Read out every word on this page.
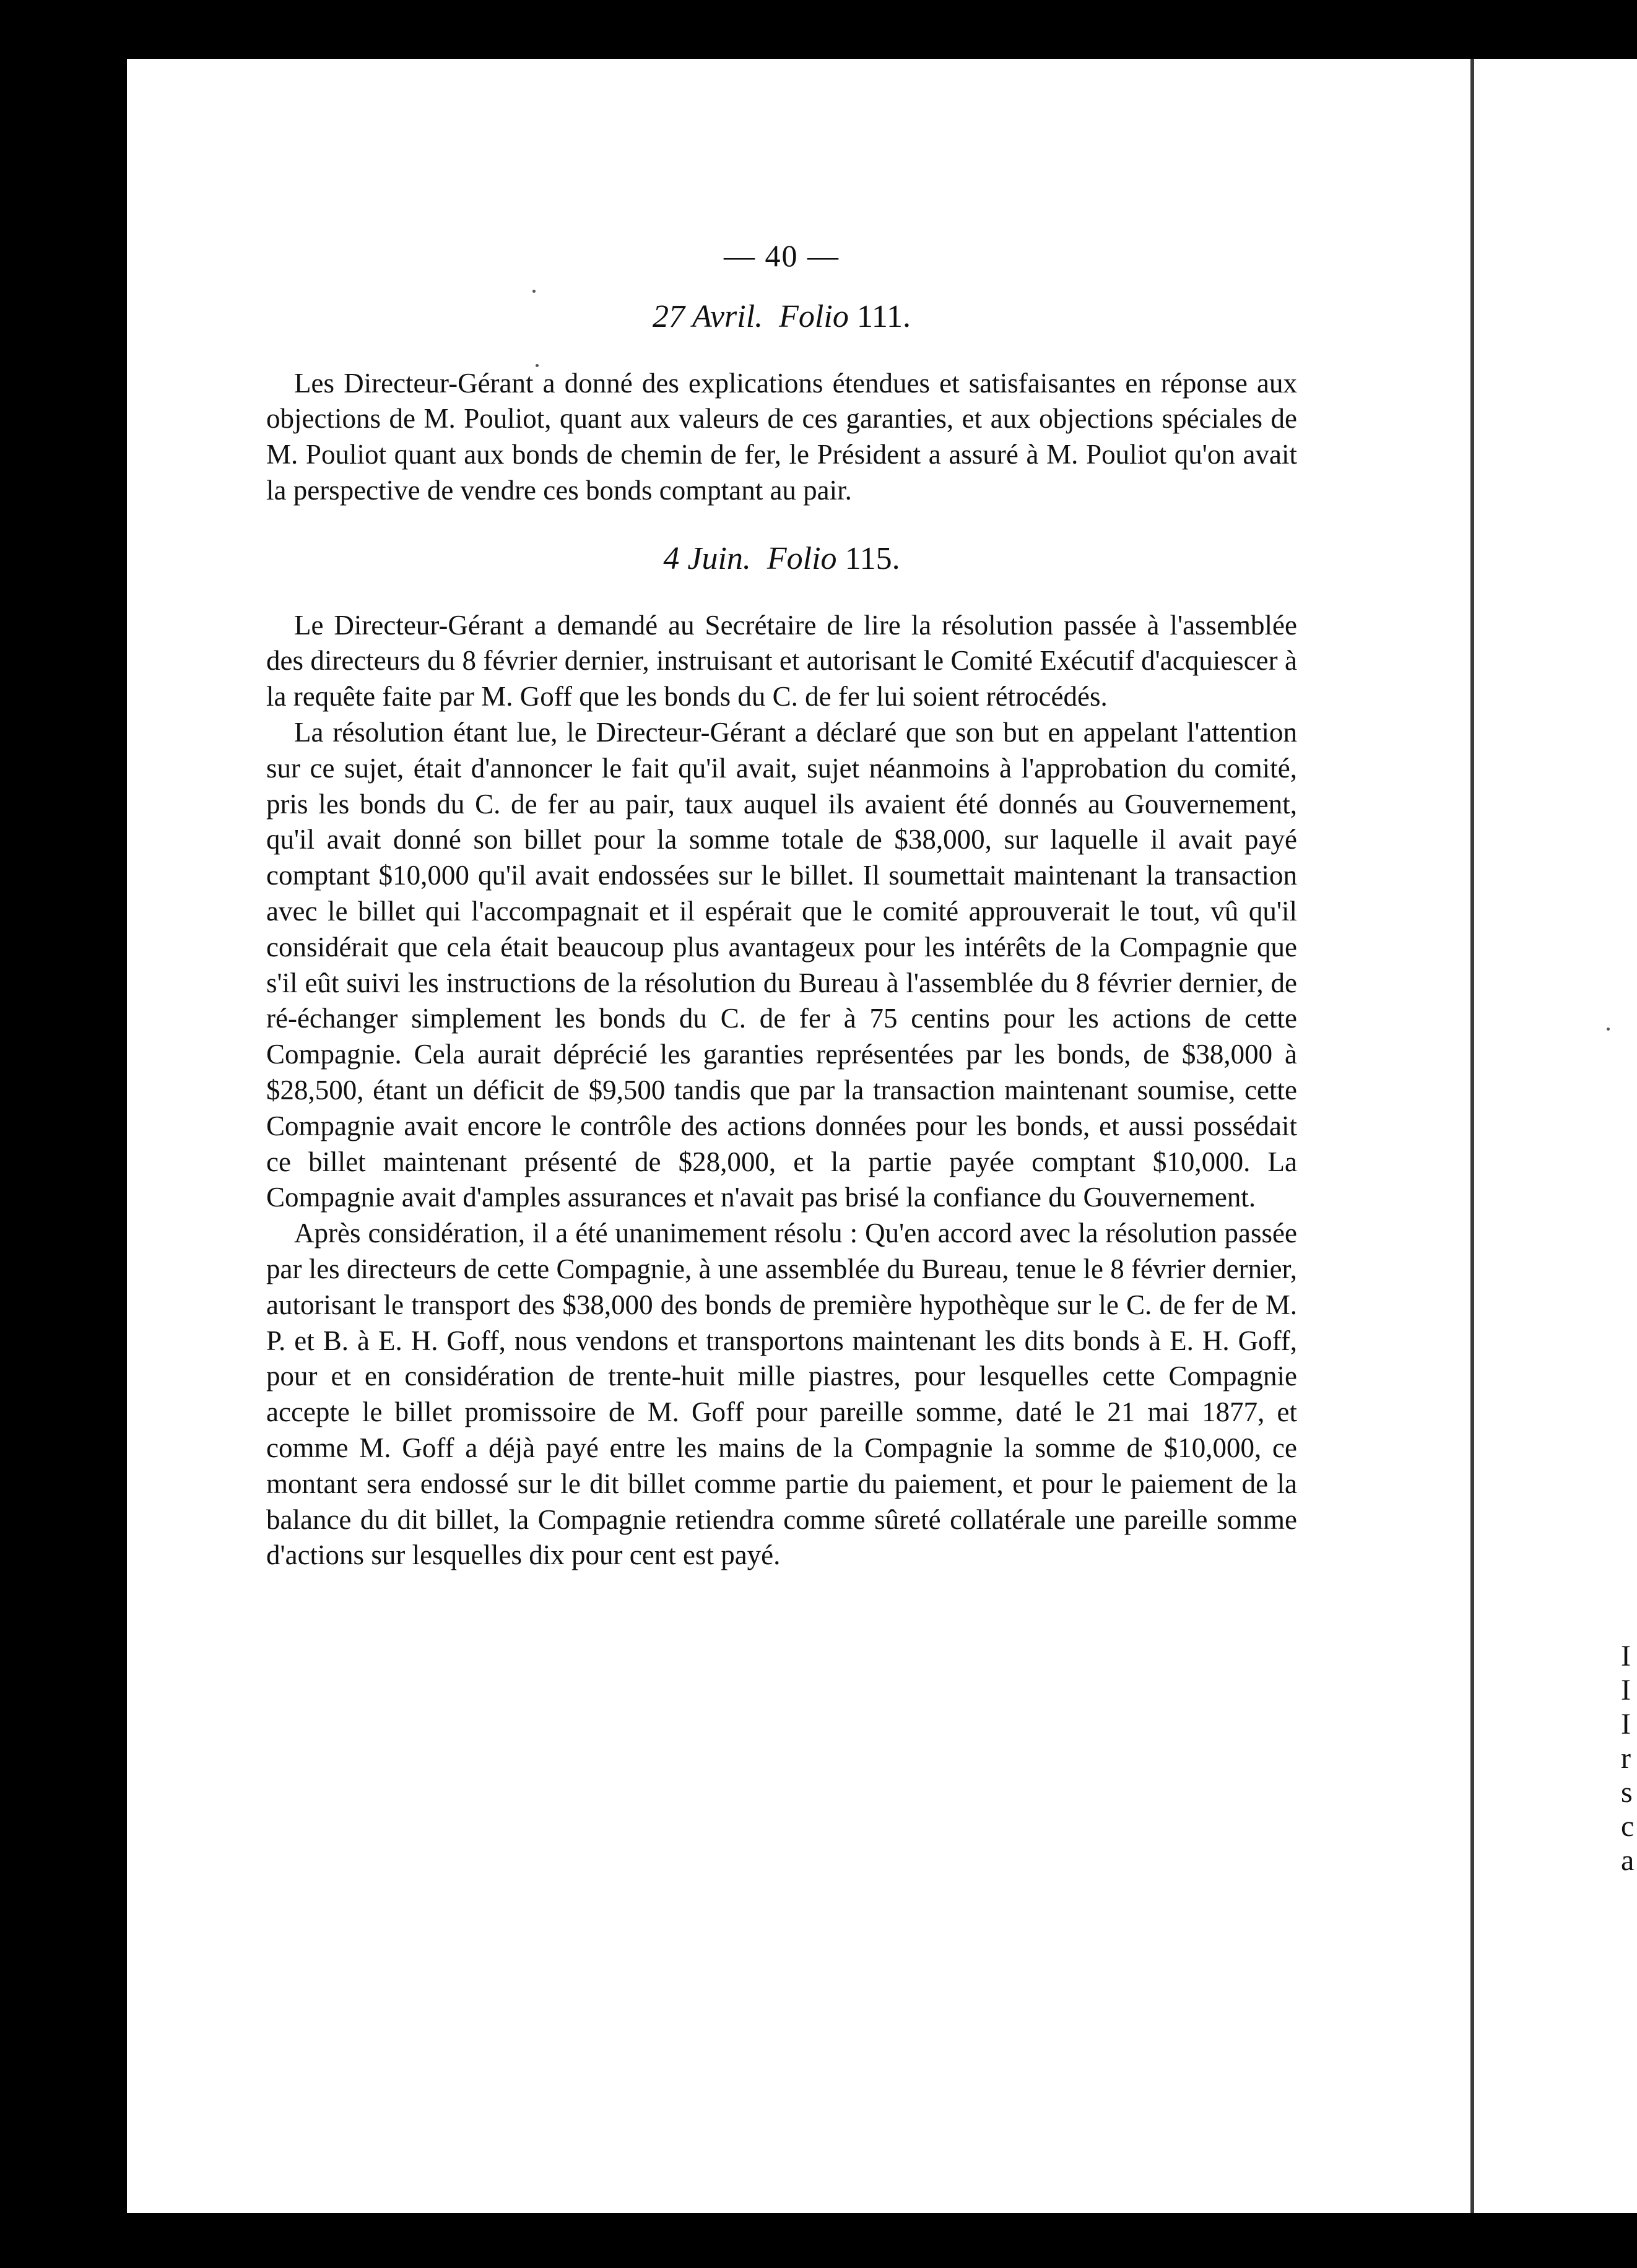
I
I
I
r
s
c
a

— 40 —

27 Avril. Folio 111.

Les Directeur-Gérant a donné des explications étendues et satisfaisantes en réponse aux objections de M. Pouliot, quant aux valeurs de ces garanties, et aux objections spéciales de M. Pouliot quant aux bonds de chemin de fer, le Président a assuré à M. Pouliot qu'on avait la perspective de vendre ces bonds comptant au pair.

4 Juin. Folio 115.

Le Directeur-Gérant a demandé au Secrétaire de lire la résolution passée à l'assemblée des directeurs du 8 février dernier, instruisant et autorisant le Comité Exécutif d'acquiescer à la requête faite par M. Goff que les bonds du C. de fer lui soient rétrocédés.

La résolution étant lue, le Directeur-Gérant a déclaré que son but en appelant l'attention sur ce sujet, était d'annoncer le fait qu'il avait, sujet néanmoins à l'approbation du comité, pris les bonds du C. de fer au pair, taux auquel ils avaient été donnés au Gouvernement, qu'il avait donné son billet pour la somme totale de $38,000, sur laquelle il avait payé comptant $10,000 qu'il avait endossées sur le billet. Il soumettait maintenant la transaction avec le billet qui l'accompagnait et il espérait que le comité approuverait le tout, vû qu'il considérait que cela était beaucoup plus avantageux pour les intérêts de la Compagnie que s'il eût suivi les instructions de la résolution du Bureau à l'assemblée du 8 février dernier, de ré-échanger simplement les bonds du C. de fer à 75 centins pour les actions de cette Compagnie. Cela aurait déprécié les garanties représentées par les bonds, de $38,000 à $28,500, étant un déficit de $9,500 tandis que par la transaction maintenant soumise, cette Compagnie avait encore le contrôle des actions données pour les bonds, et aussi possédait ce billet maintenant présenté de $28,000, et la partie payée comptant $10,000. La Compagnie avait d'amples assurances et n'avait pas brisé la confiance du Gouvernement.

Après considération, il a été unanimement résolu : Qu'en accord avec la résolution passée par les directeurs de cette Compagnie, à une assemblée du Bureau, tenue le 8 février dernier, autorisant le transport des $38,000 des bonds de première hypothèque sur le C. de fer de M. P. et B. à E. H. Goff, nous vendons et transportons maintenant les dits bonds à E. H. Goff, pour et en considération de trente-huit mille piastres, pour lesquelles cette Compagnie accepte le billet promissoire de M. Goff pour pareille somme, daté le 21 mai 1877, et comme M. Goff a déjà payé entre les mains de la Compagnie la somme de $10,000, ce montant sera endossé sur le dit billet comme partie du paiement, et pour le paiement de la balance du dit billet, la Compagnie retiendra comme sûreté collatérale une pareille somme d'actions sur lesquelles dix pour cent est payé.
